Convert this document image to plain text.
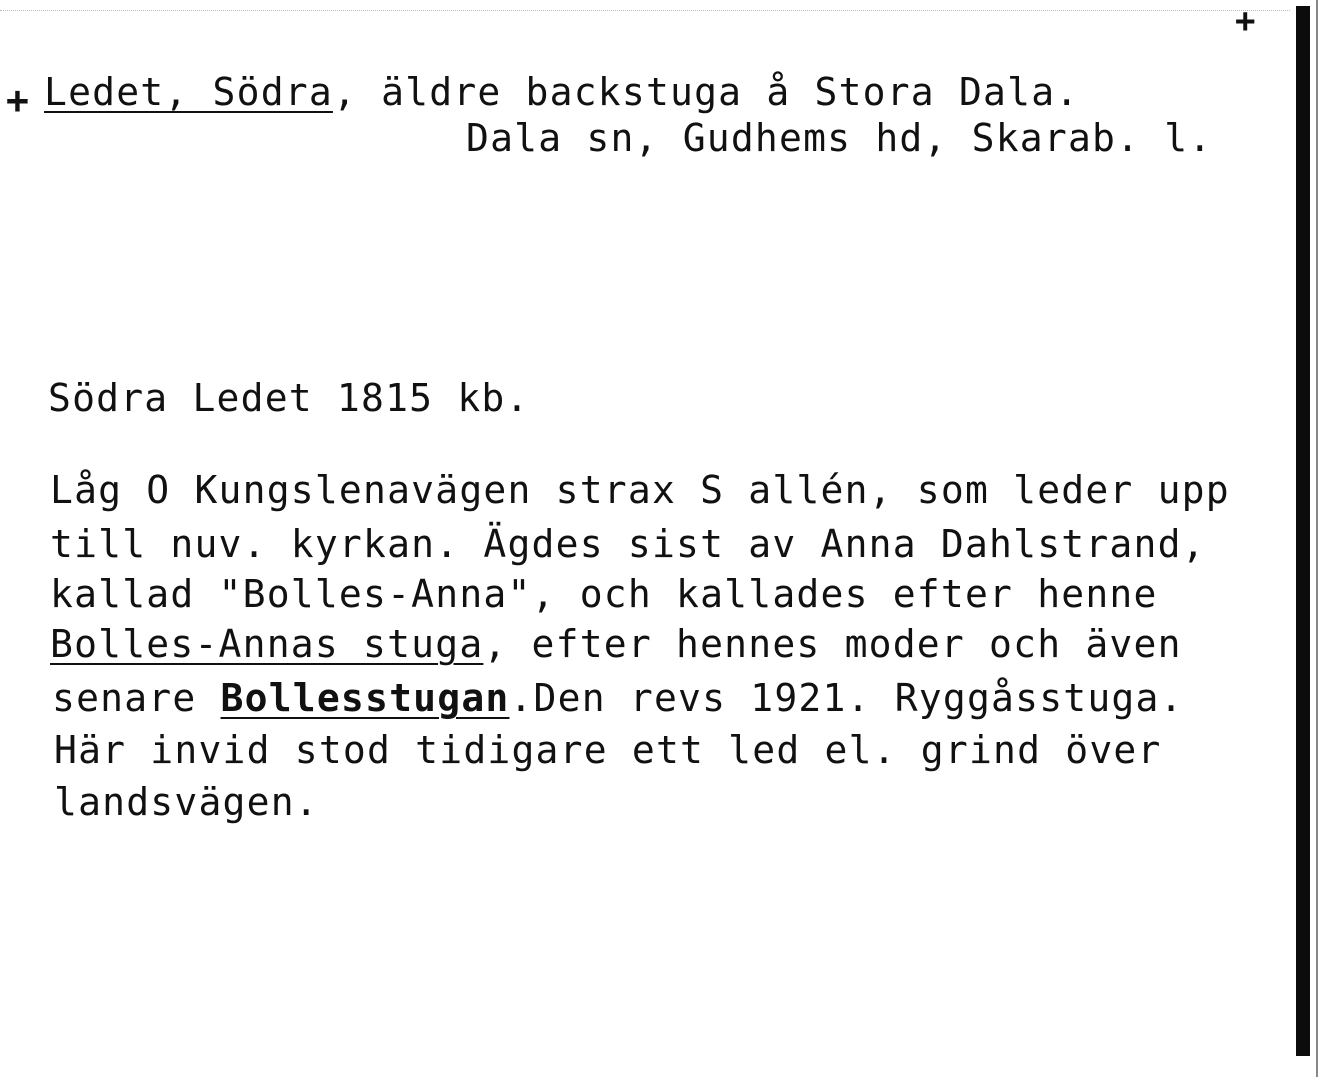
+
+ Ledet, Södra, äldre backstuga å Stora Dala.
Dala sn, Gudhems hd, Skarab. l.
Södra Ledet 1815 kb.
Låg O Kungslenavägen strax S allén, som leder upp
till nuv. kyrkan. Ägdes sist av Anna Dahlstrand,
kallad "Bolles-Anna", och kallades efter henne
Bolles-Annas stuga, efter hennes moder och även
senare Bollesstugan.Den revs 1921. Ryggåsstuga.
Här invid stod tidigare ett led el. grind över
landsvägen.
